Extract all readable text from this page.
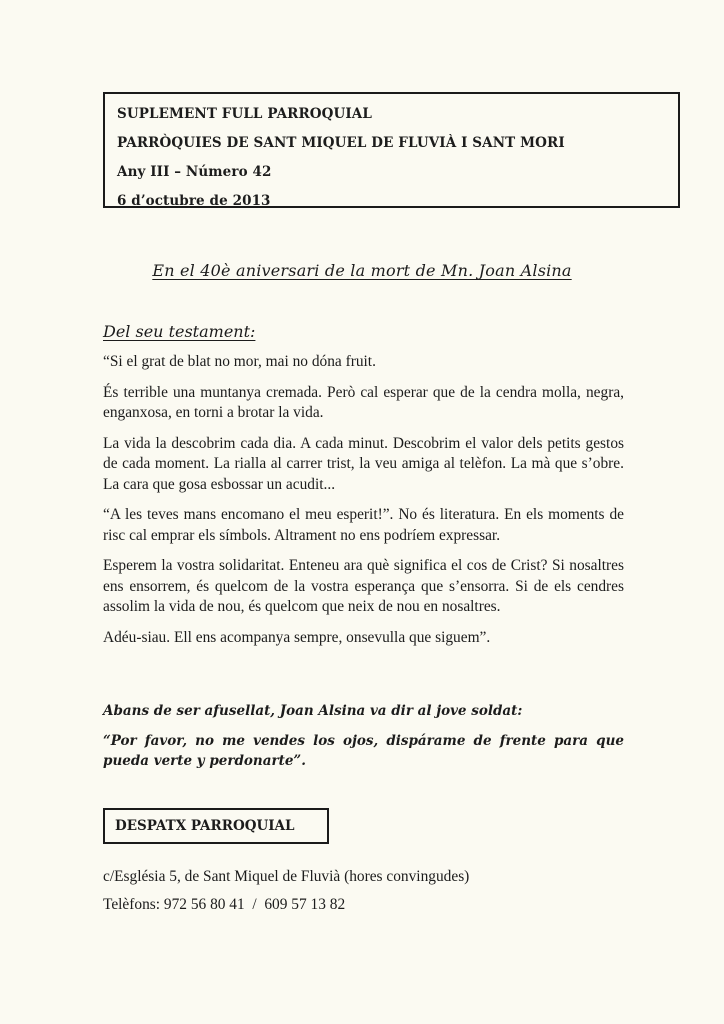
SUPLEMENT FULL PARROQUIAL
PARRÒQUIES DE SANT MIQUEL DE FLUVIÀ I SANT MORI
Any III – Número 42
6 d’octubre de 2013
En el 40è aniversari de la mort de Mn. Joan Alsina
Del seu testament:

“Si el grat de blat no mor, mai no dóna fruit.

És terrible una muntanya cremada. Però cal esperar que de la cendra molla, negra, enganxosa, en torni a brotar la vida.

La vida la descobrim cada dia. A cada minut. Descobrim el valor dels petits gestos de cada moment. La rialla al carrer trist, la veu amiga al telèfon. La mà que s’obre. La cara que gosa esbossar un acudit...

“A les teves mans encomano el meu esperit!”. No és literatura. En els moments de risc cal emprar els símbols. Altrament no ens podríem expressar.

Esperem la vostra solidaritat. Enteneu ara què significa el cos de Crist? Si nosaltres ens ensorrem, és quelcom de la vostra esperança que s’ensorra. Si de els cendres assolim la vida de nou, és quelcom que neix de nou en nosaltres.

Adéu-siau. Ell ens acompanya sempre, onsevulla que siguem”.

Abans de ser afusellat, Joan Alsina va dir al jove soldat:
“Por favor, no me vendes los ojos, dispárame de frente para que pueda verte y perdonarte”.
DESPATX PARROQUIAL
c/Església 5, de Sant Miquel de Fluvià (hores convingudes)
Telèfons: 972 56 80 41  /  609 57 13 82
